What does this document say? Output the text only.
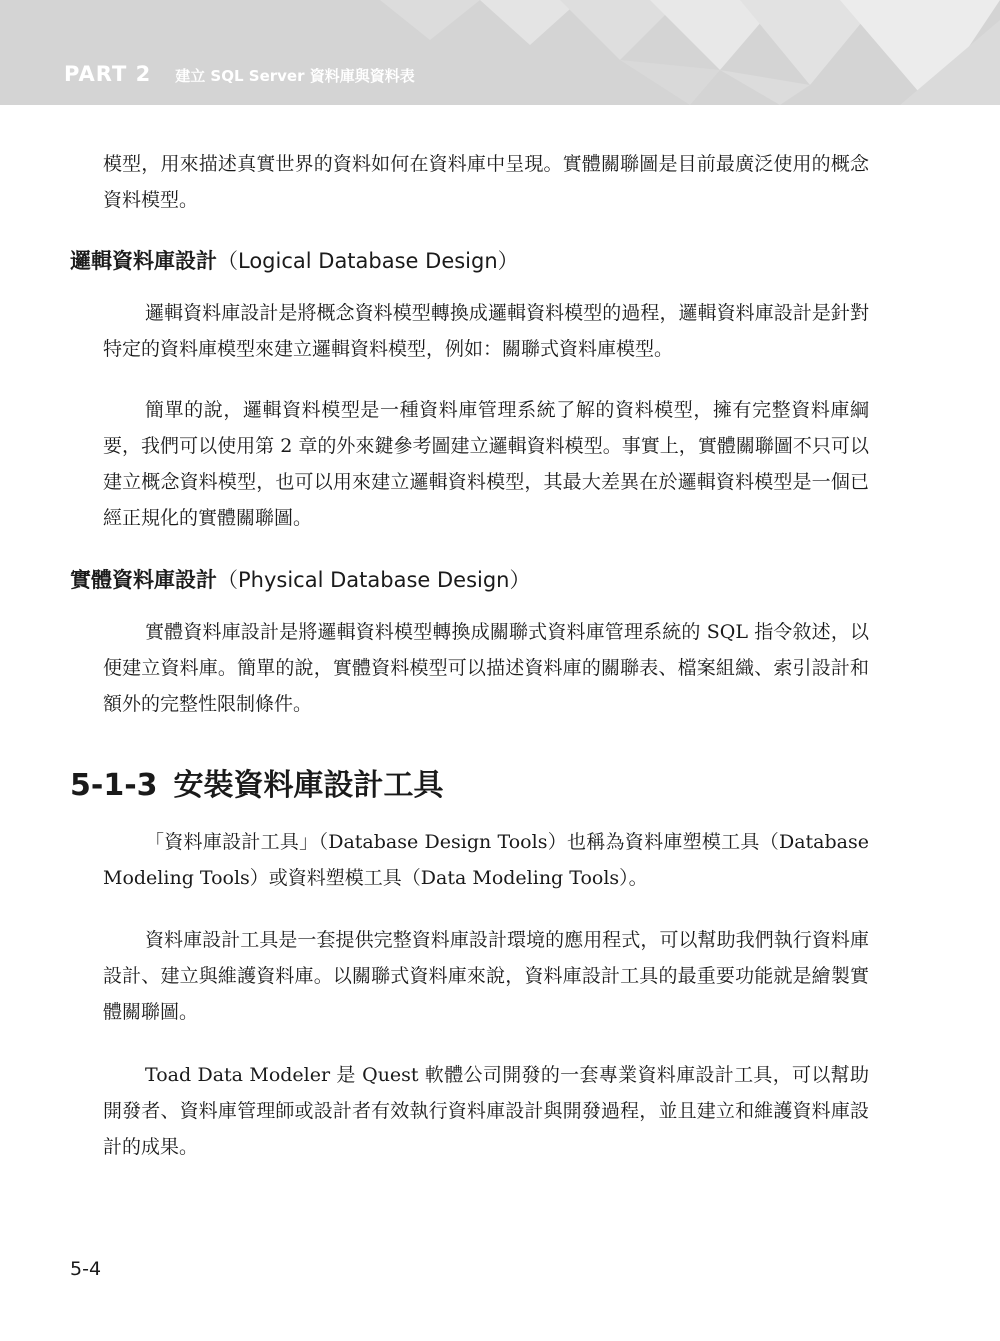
PART 2 建立 SQL Server 資料庫與資料表
模型，用來描述真實世界的資料如何在資料庫中呈現。實體關聯圖是目前最廣泛使用的概念資料模型。
邏輯資料庫設計（Logical Database Design）
邏輯資料庫設計是將概念資料模型轉換成邏輯資料模型的過程，邏輯資料庫設計是針對特定的資料庫模型來建立邏輯資料模型，例如：關聯式資料庫模型。
簡單的說，邏輯資料模型是一種資料庫管理系統了解的資料模型，擁有完整資料庫綱要，我們可以使用第 2 章的外來鍵參考圖建立邏輯資料模型。事實上，實體關聯圖不只可以建立概念資料模型，也可以用來建立邏輯資料模型，其最大差異在於邏輯資料模型是一個已經正規化的實體關聯圖。
實體資料庫設計（Physical Database Design）
實體資料庫設計是將邏輯資料模型轉換成關聯式資料庫管理系統的 SQL 指令敘述，以便建立資料庫。簡單的說，實體資料模型可以描述資料庫的關聯表、檔案組織、索引設計和額外的完整性限制條件。
5-1-3 安裝資料庫設計工具
「資料庫設計工具」（Database Design Tools）也稱為資料庫塑模工具（Database Modeling Tools）或資料塑模工具（Data Modeling Tools）。
資料庫設計工具是一套提供完整資料庫設計環境的應用程式，可以幫助我們執行資料庫設計、建立與維護資料庫。以關聯式資料庫來說，資料庫設計工具的最重要功能就是繪製實體關聯圖。
Toad Data Modeler 是 Quest 軟體公司開發的一套專業資料庫設計工具，可以幫助開發者、資料庫管理師或設計者有效執行資料庫設計與開發過程，並且建立和維護資料庫設計的成果。
5-4
